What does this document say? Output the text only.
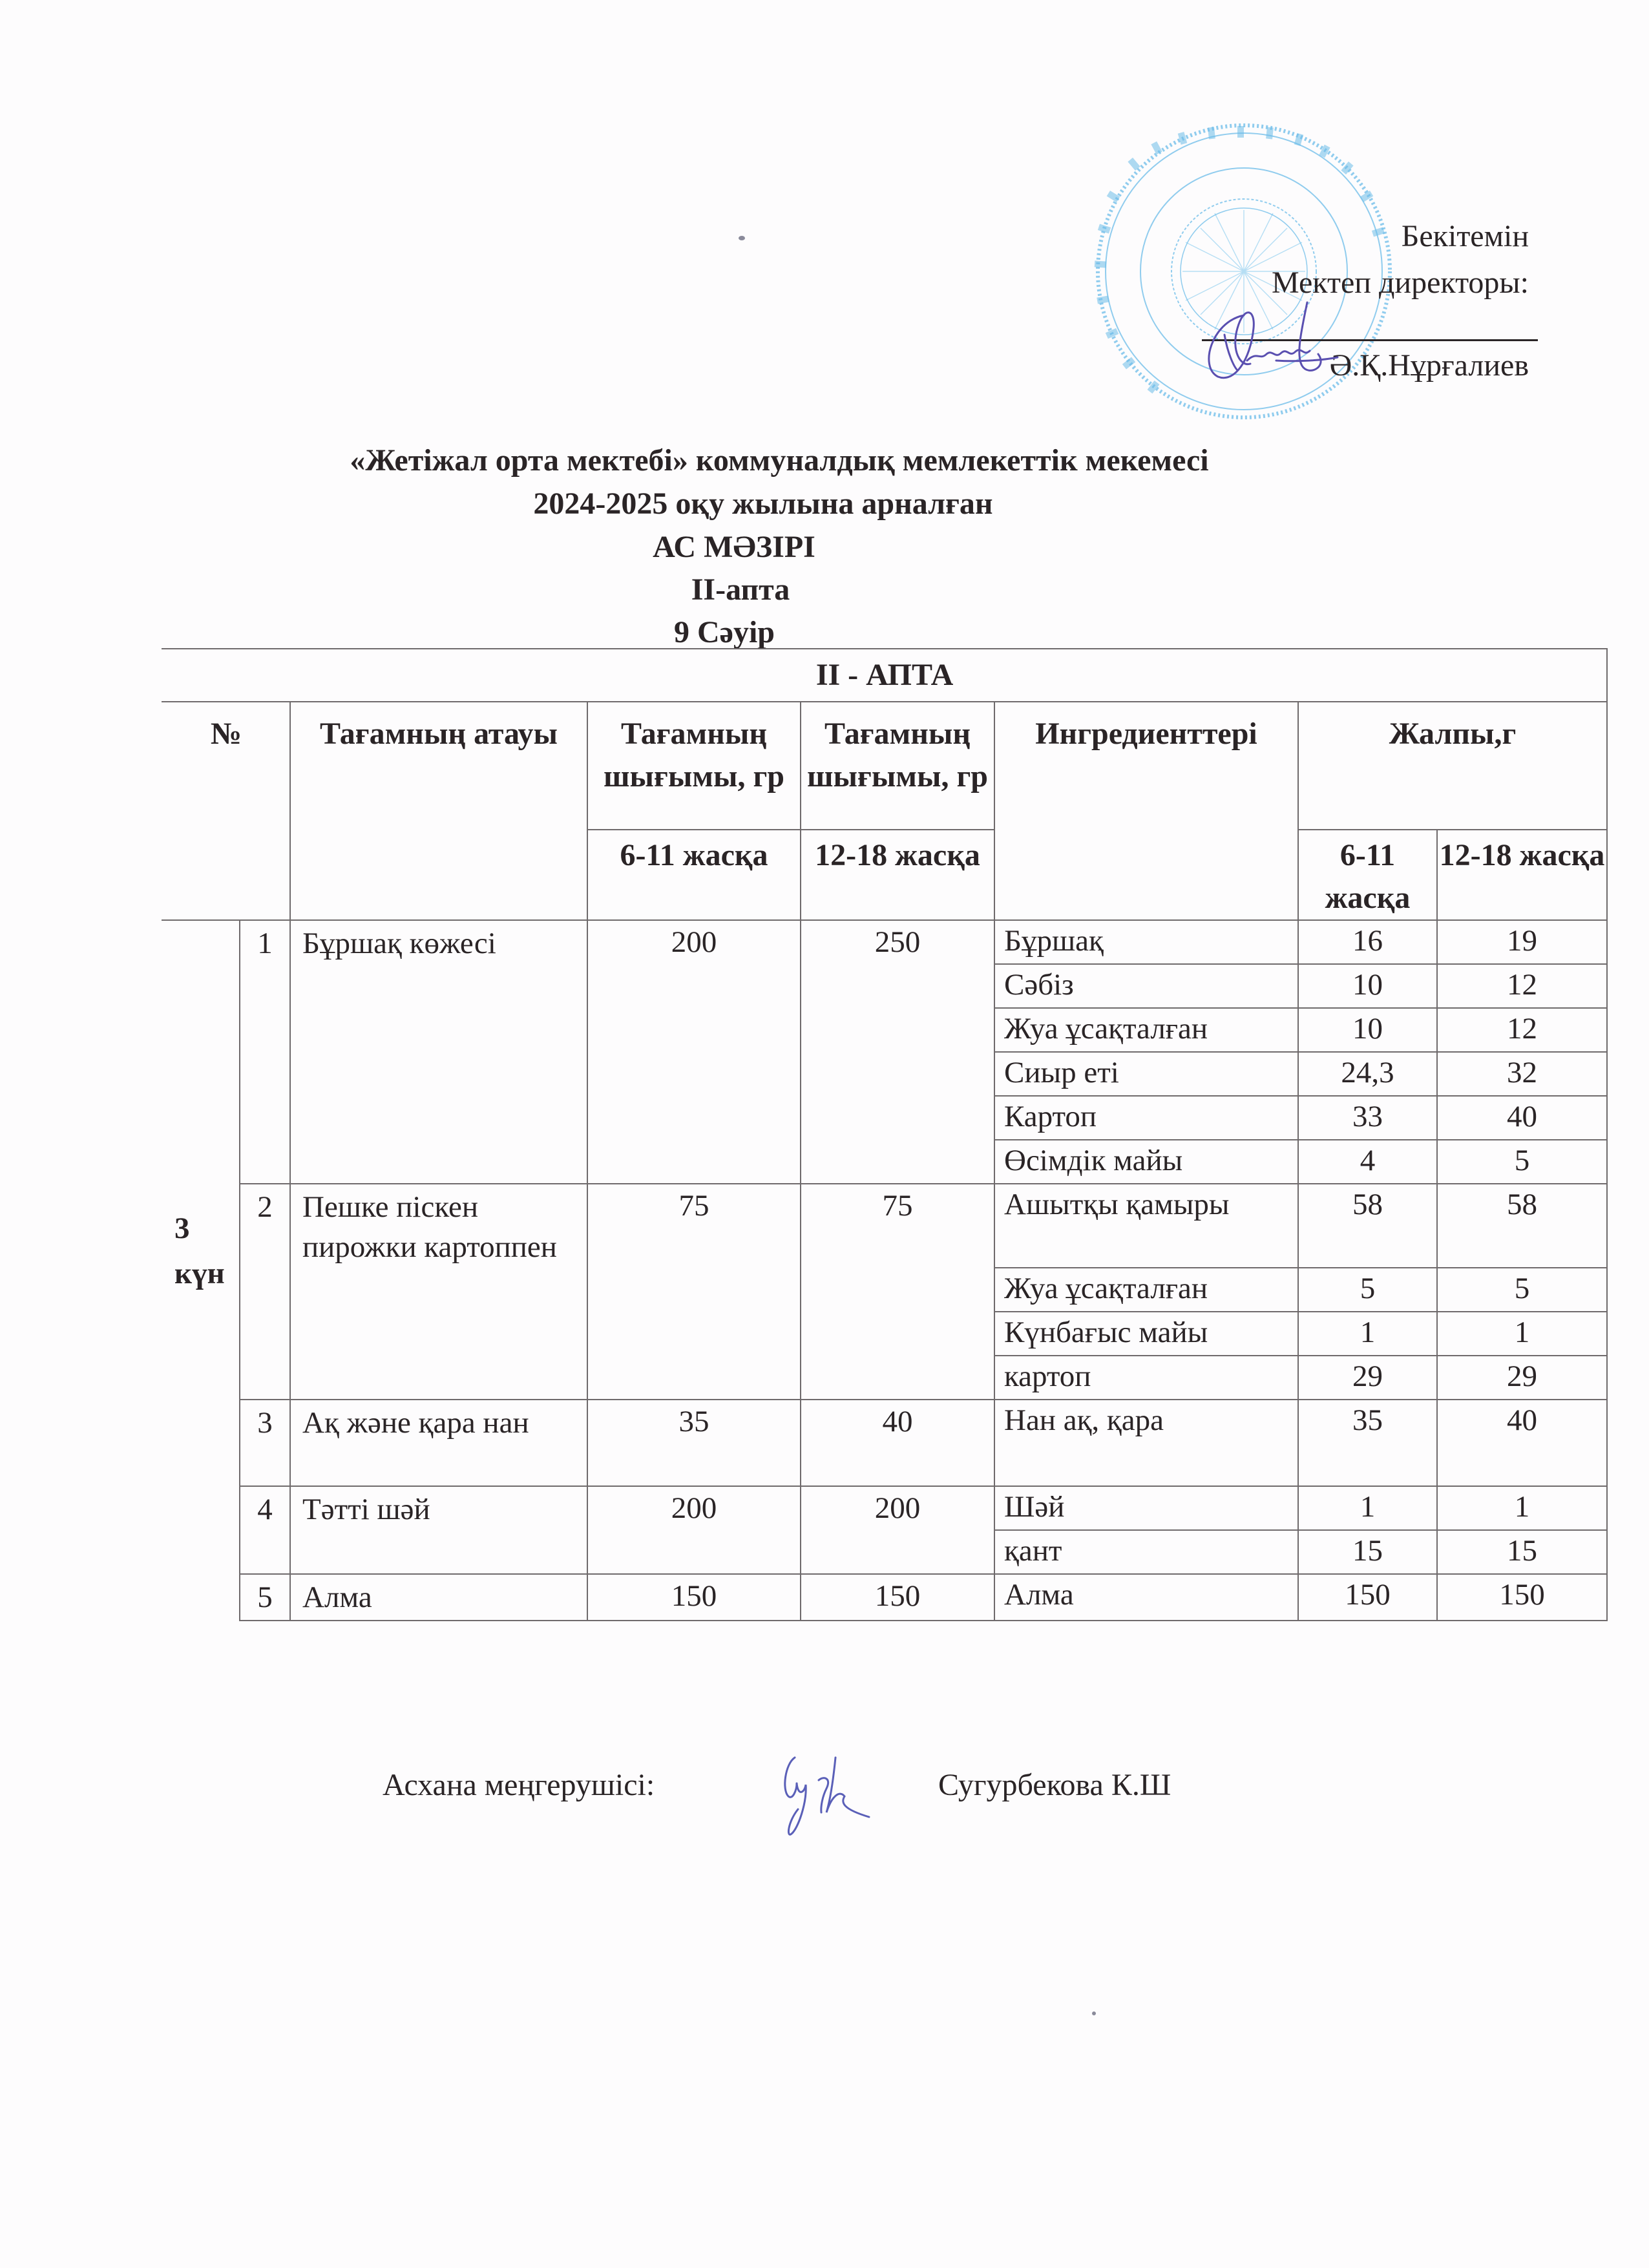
Бекітемін
Мектеп директоры:
Ә.Қ.Нұрғалиев
«Жетіжал орта мектебі» коммуналдық мемлекеттік мекемесі
2024-2025 оқу жылына арналған
АС МӘЗІРІ
ІІ-апта
9 Сәуір
ІІ - АПТА							
№		Тағамның атауы	Тағамның шығымы, гр	Тағамның шығымы, гр	Ингредиенттері	Жалпы,г	
			6-11 жасқа	12-18 жасқа		6-11 жасқа	12-18 жасқа
3 күн	1	Бұршақ көжесі	200	250	Бұршақ	16	19
					Сәбіз	10	12
					Жуа ұсақталған	10	12
					Сиыр еті	24,3	32
					Картоп	33	40
					Өсімдік майы	4	5
	2	Пешке піскен пирожки картоппен	75	75	Ашытқы қамыры	58	58
					Жуа ұсақталған	5	5
					Күнбағыс майы	1	1
					картоп	29	29
	3	Ақ және қара нан	35	40	Нан ақ, қара	35	40
	4	Тәтті шәй	200	200	Шәй	1	1
					қант	15	15
	5	Алма	150	150	Алма	150	150
Асхана меңгерушісі:	Сугурбекова К.Ш
